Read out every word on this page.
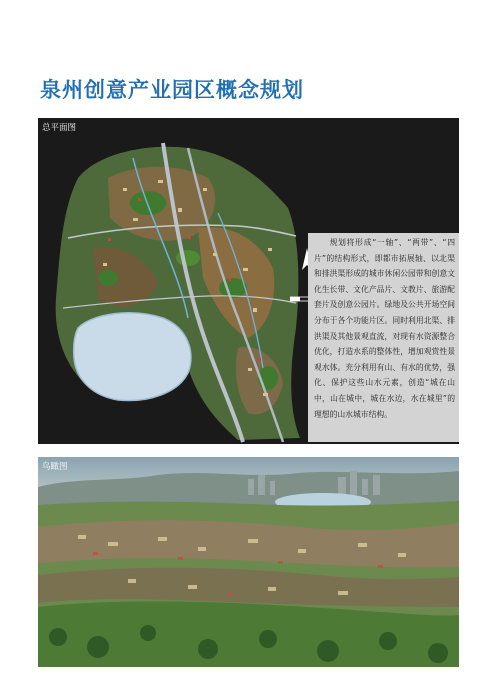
泉州创意产业园区概念规划
总平面图
规划将形成“一轴”、“两带”、“四片”的结构形式，即都市拓展轴、以北渠和排洪渠形成的城市休闲公园带和创意文化生长带、文化产品片、文教片、旅游配套片及创意公园片。绿地及公共开场空间分布于各个功能片区。同时利用北渠、排洪渠及其他景观直流，对现有水资源整合优化，打造水系的整体性，增加观赏性景观水体。充分利用有山、有水的优势，强化、保护这些山水元素，创造“城在山中，山在城中，城在水边，水在城里”的理想的山水城市结构。
鸟瞰图
